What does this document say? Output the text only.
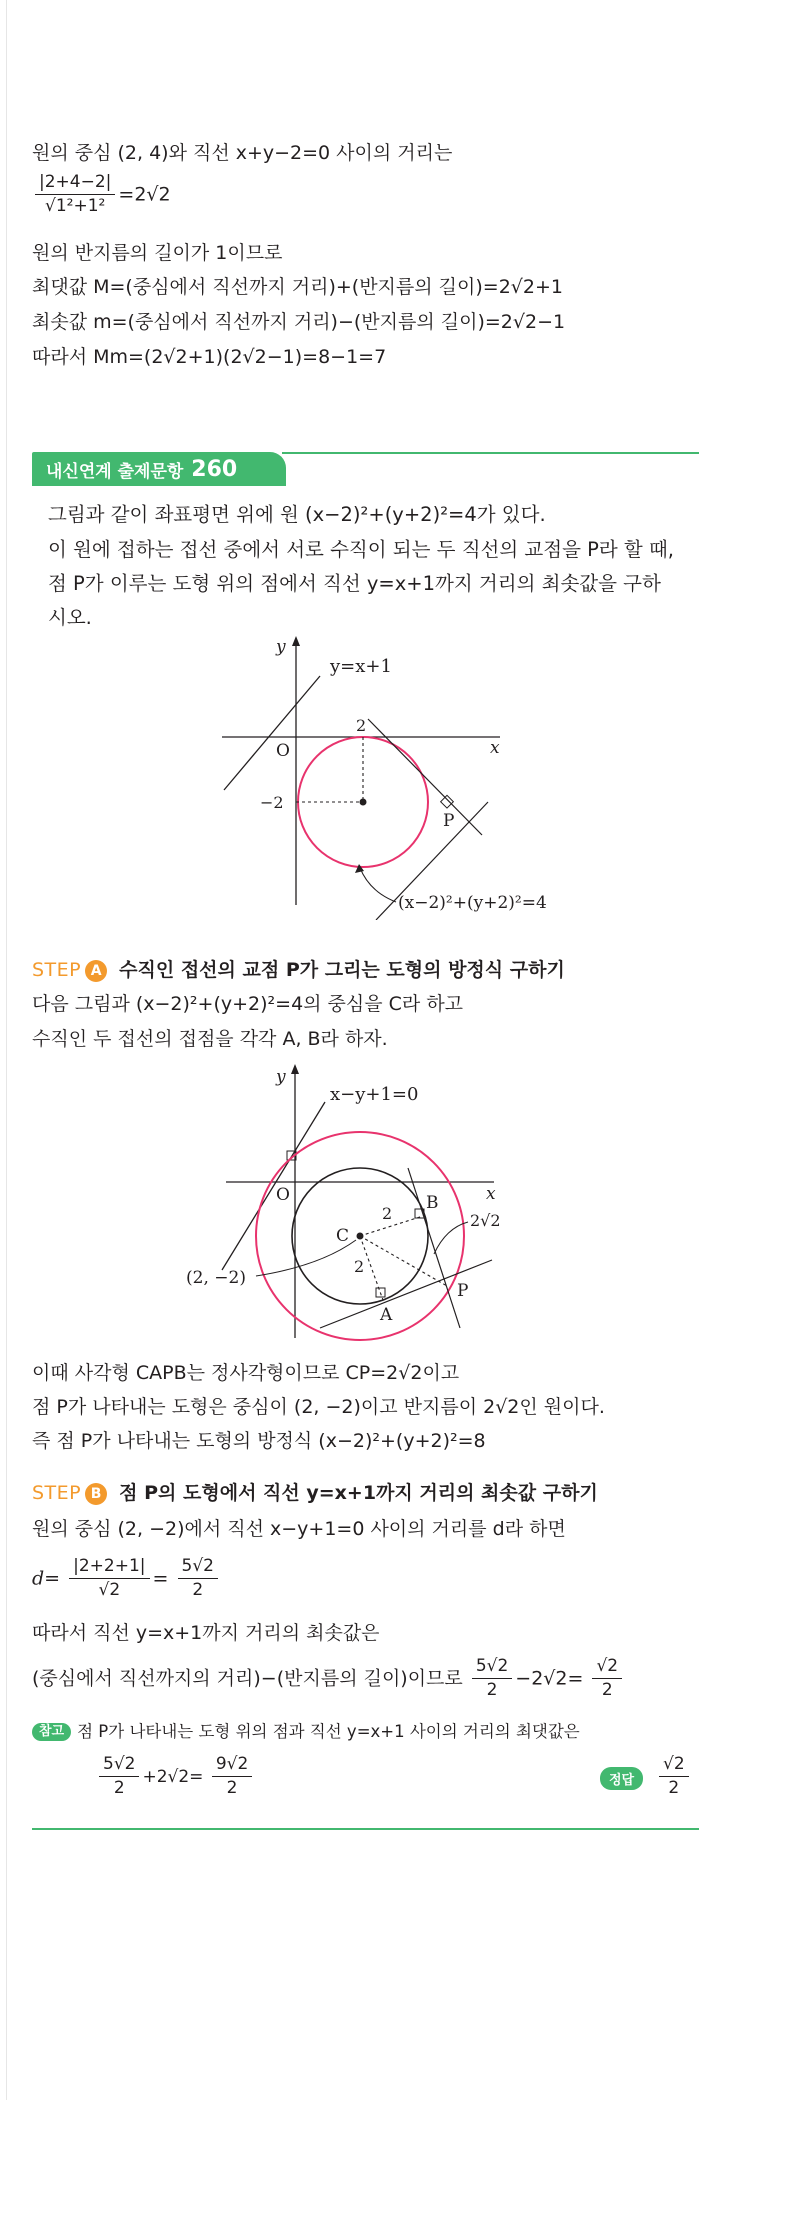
원의 중심 (2, 4)와 직선 x+y−2=0 사이의 거리는
$\frac{|2+4-2|}{\text{√1²+1²}} =2√2$
원의 반지름의 길이가 1이므로
최댓값 M=(중심에서 직선까지 거리)+(반지름의 길이)=2√2+1
최솟값 m=(중심에서 직선까지 거리)−(반지름의 길이)=2√2−1
따라서 Mm=(2√2+1)(2√2−1)=8−1=7
내신연계 출제문항 260
그림과 같이 좌표평면 위에 원 (x−2)²+(y+2)²=4가 있다.
이 원에 접하는 접선 중에서 서로 수직이 되는 두 직선의 교점을 P라 할 때,
점 P가 이루는 도형 위의 점에서 직선 y=x+1까지 거리의 최솟값을 구하
시오.
y
x
O
y=x+1
2
−2
P
(x−2)²+(y+2)²=4
STEP A 수직인 접선의 교점 P가 그리는 도형의 방정식 구하기
다음 그림과 (x−2)²+(y+2)²=4의 중심을 C라 하고
수직인 두 접선의 접점을 각각 A, B라 하자.
y
x
O
x−y+1=0
C
(2, −2)
2
2
2√2
B
A
P
이때 사각형 CAPB는 정사각형이므로 CP=2√2이고
점 P가 나타내는 도형은 중심이 (2, −2)이고 반지름이 2√2인 원이다.
즉 점 P가 나타내는 도형의 방정식 (x−2)²+(y+2)²=8
STEP B 점 P의 도형에서 직선 y=x+1까지 거리의 최솟값 구하기
원의 중심 (2, −2)에서 직선 x−y+1=0 사이의 거리를 d라 하면
$d= \frac{|2+2+1|}{√2} = \frac{5√2}{2}$
따라서 직선 y=x+1까지 거리의 최솟값은
(중심에서 직선까지의 거리)−(반지름의 길이)이므로 $\frac{5√2}{2} -2√2= \frac{√2}{2}$
참고 점 P가 나타내는 도형 위의 점과 직선 y=x+1 사이의 거리의 최댓값은
$\frac{5√2}{2} +2√2= \frac{9√2}{2}$	정답	$\frac{√2}{2}$
